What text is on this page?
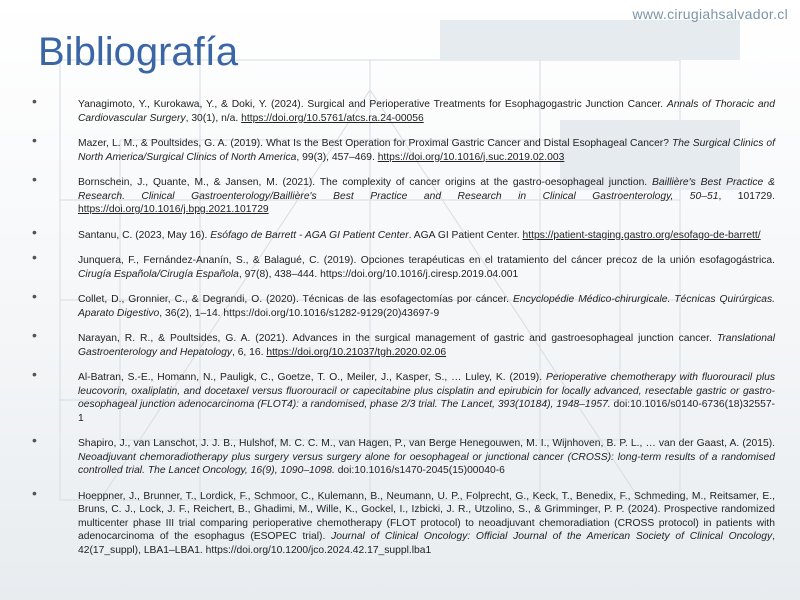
www.cirugiahsalvador.cl
Bibliografía
•	Yanagimoto, Y., Kurokawa, Y., & Doki, Y. (2024). Surgical and Perioperative Treatments for Esophagogastric Junction Cancer. Annals of Thoracic and Cardiovascular Surgery, 30(1), n/a. https://doi.org/10.5761/atcs.ra.24-00056
•	Mazer, L. M., & Poultsides, G. A. (2019). What Is the Best Operation for Proximal Gastric Cancer and Distal Esophageal Cancer? The Surgical Clinics of North America/Surgical Clinics of North America, 99(3), 457–469. https://doi.org/10.1016/j.suc.2019.02.003
•	Bornschein, J., Quante, M., & Jansen, M. (2021). The complexity of cancer origins at the gastro-oesophageal junction. Baillière's Best Practice & Research. Clinical Gastroenterology/Baillière's Best Practice and Research in Clinical Gastroenterology, 50–51, 101729. https://doi.org/10.1016/j.bpg.2021.101729
•	Santanu, C. (2023, May 16). Esófago de Barrett - AGA GI Patient Center. AGA GI Patient Center. https://patient-staging.gastro.org/esofago-de-barrett/
•	Junquera, F., Fernández-Ananín, S., & Balagué, C. (2019). Opciones terapéuticas en el tratamiento del cáncer precoz de la unión esofagogástrica. Cirugía Española/Cirugía Española, 97(8), 438–444. https://doi.org/10.1016/j.ciresp.2019.04.001
•	Collet, D., Gronnier, C., & Degrandi, O. (2020). Técnicas de las esofagectomías por cáncer. Encyclopédie Médico-chirurgicale. Técnicas Quirúrgicas. Aparato Digestivo, 36(2), 1–14. https://doi.org/10.1016/s1282-9129(20)43697-9
•	Narayan, R. R., & Poultsides, G. A. (2021). Advances in the surgical management of gastric and gastroesophageal junction cancer. Translational Gastroenterology and Hepatology, 6, 16. https://doi.org/10.21037/tgh.2020.02.06
•	Al-Batran, S.-E., Homann, N., Pauligk, C., Goetze, T. O., Meiler, J., Kasper, S., … Luley, K. (2019). Perioperative chemotherapy with fluorouracil plus leucovorin, oxaliplatin, and docetaxel versus fluorouracil or capecitabine plus cisplatin and epirubicin for locally advanced, resectable gastric or gastro-oesophageal junction adenocarcinoma (FLOT4): a randomised, phase 2/3 trial. The Lancet, 393(10184), 1948–1957. doi:10.1016/s0140-6736(18)32557-1
•	Shapiro, J., van Lanschot, J. J. B., Hulshof, M. C. C. M., van Hagen, P., van Berge Henegouwen, M. I., Wijnhoven, B. P. L., … van der Gaast, A. (2015). Neoadjuvant chemoradiotherapy plus surgery versus surgery alone for oesophageal or junctional cancer (CROSS): long-term results of a randomised controlled trial. The Lancet Oncology, 16(9), 1090–1098. doi:10.1016/s1470-2045(15)00040-6
•	Hoeppner, J., Brunner, T., Lordick, F., Schmoor, C., Kulemann, B., Neumann, U. P., Folprecht, G., Keck, T., Benedix, F., Schmeding, M., Reitsamer, E., Bruns, C. J., Lock, J. F., Reichert, B., Ghadimi, M., Wille, K., Gockel, I., Izbicki, J. R., Utzolino, S., & Grimminger, P. P. (2024). Prospective randomized multicenter phase III trial comparing perioperative chemotherapy (FLOT protocol) to neoadjuvant chemoradiation (CROSS protocol) in patients with adenocarcinoma of the esophagus (ESOPEC trial). Journal of Clinical Oncology: Official Journal of the American Society of Clinical Oncology, 42(17_suppl), LBA1–LBA1. https://doi.org/10.1200/jco.2024.42.17_suppl.lba1
